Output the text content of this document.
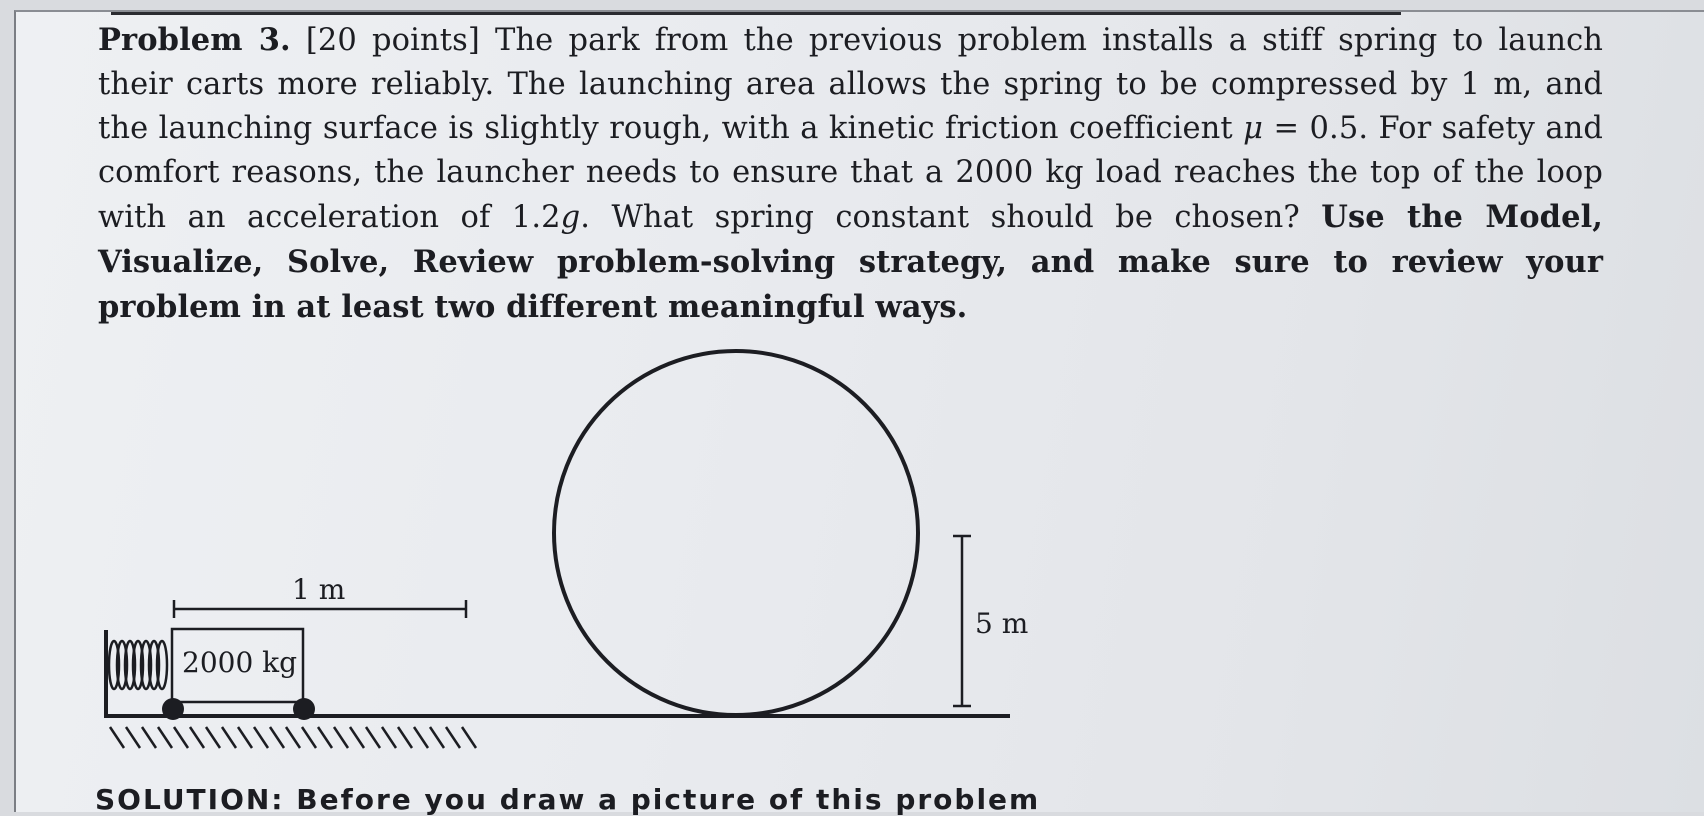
Problem 3. [20 points] The park from the previous problem installs a stiff spring to launch their carts more reliably. The launching area allows the spring to be compressed by 1 m, and the launching surface is slightly rough, with a kinetic friction coefficient μ = 0.5. For safety and comfort reasons, the launcher needs to ensure that a 2000 kg load reaches the top of the loop with an acceleration of 1.2g. What spring constant should be chosen? Use the Model, Visualize, Solve, Review problem-solving strategy, and make sure to review your problem in at least two different meaningful ways.
2000 kg
1 m
5 m
SOLUTION: Before you draw a picture of this problem
